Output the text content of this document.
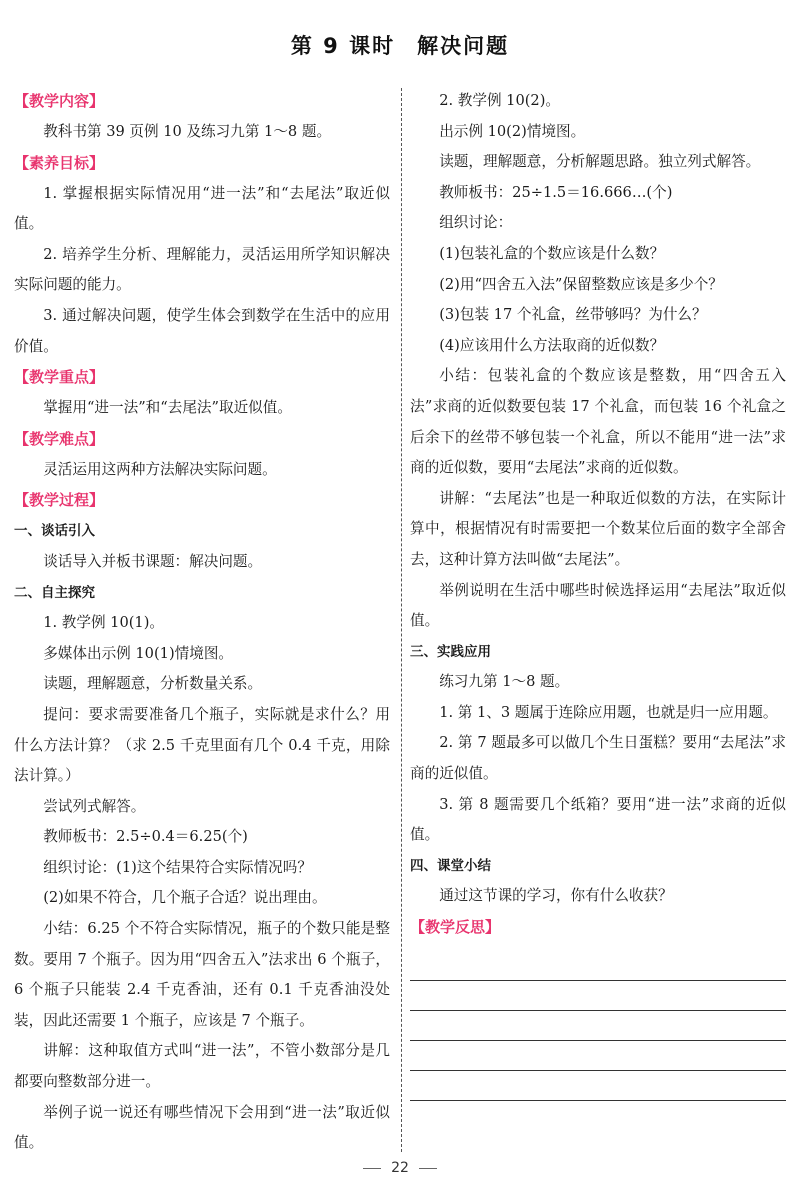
第 9 课时 解决问题
【教学内容】

教科书第 39 页例 10 及练习九第 1～8 题。

【素养目标】

1. 掌握根据实际情况用“进一法”和“去尾法”取近似值。

2. 培养学生分析、理解能力，灵活运用所学知识解决实际问题的能力。

3. 通过解决问题，使学生体会到数学在生活中的应用价值。

【教学重点】

掌握用“进一法”和“去尾法”取近似值。

【教学难点】

灵活运用这两种方法解决实际问题。

【教学过程】

一、谈话引入

谈话导入并板书课题：解决问题。

二、自主探究

1. 教学例 10(1)。

多媒体出示例 10(1)情境图。

读题，理解题意，分析数量关系。

提问：要求需要准备几个瓶子，实际就是求什么？用什么方法计算？（求 2.5 千克里面有几个 0.4 千克，用除法计算。）

尝试列式解答。

教师板书：2.5÷0.4＝6.25(个)

组织讨论：(1)这个结果符合实际情况吗？

(2)如果不符合，几个瓶子合适？说出理由。

小结：6.25 个不符合实际情况，瓶子的个数只能是整数。要用 7 个瓶子。因为用“四舍五入”法求出 6 个瓶子，6 个瓶子只能装 2.4 千克香油，还有 0.1 千克香油没处装，因此还需要 1 个瓶子，应该是 7 个瓶子。

讲解：这种取值方式叫“进一法”，不管小数部分是几都要向整数部分进一。

举例子说一说还有哪些情况下会用到“进一法”取近似值。

2. 教学例 10(2)。

出示例 10(2)情境图。

读题，理解题意，分析解题思路。独立列式解答。

教师板书：25÷1.5＝16.666…(个)

组织讨论：

(1)包装礼盒的个数应该是什么数？

(2)用“四舍五入法”保留整数应该是多少个？

(3)包装 17 个礼盒，丝带够吗？为什么？

(4)应该用什么方法取商的近似数？

小结：包装礼盒的个数应该是整数，用“四舍五入法”求商的近似数要包装 17 个礼盒，而包装 16 个礼盒之后余下的丝带不够包装一个礼盒，所以不能用“进一法”求商的近似数，要用“去尾法”求商的近似数。

讲解：“去尾法”也是一种取近似数的方法，在实际计算中，根据情况有时需要把一个数某位后面的数字全部舍去，这种计算方法叫做“去尾法”。

举例说明在生活中哪些时候选择运用“去尾法”取近似值。

三、实践应用

练习九第 1～8 题。

1. 第 1、3 题属于连除应用题，也就是归一应用题。

2. 第 7 题最多可以做几个生日蛋糕？要用“去尾法”求商的近似值。

3. 第 8 题需要几个纸箱？要用“进一法”求商的近似值。

四、课堂小结

通过这节课的学习，你有什么收获？

【教学反思】
22
